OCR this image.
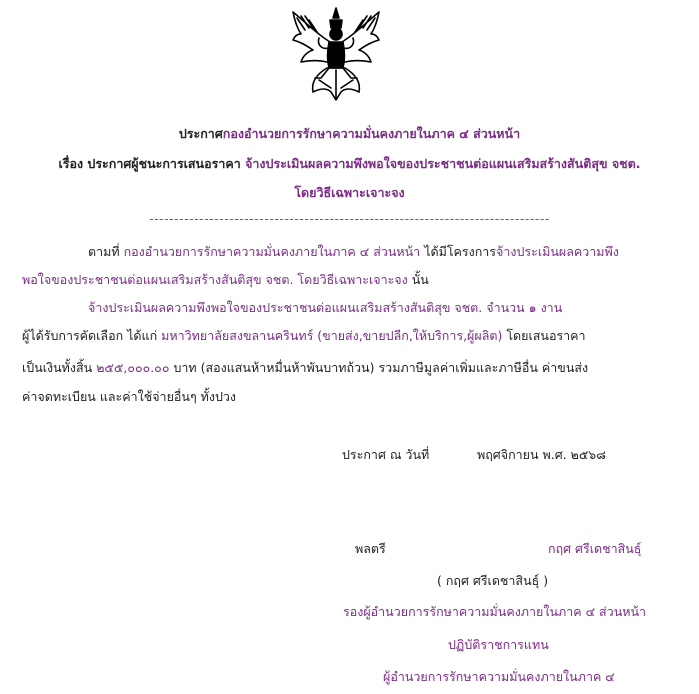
ประกาศกองอำนวยการรักษาความมั่นคงภายในภาค ๔ ส่วนหน้า
เรื่อง ประกาศผู้ชนะการเสนอราคา จ้างประเมินผลความพึงพอใจของประชาชนต่อแผนเสริมสร้างสันติสุข จชต.
โดยวิธีเฉพาะเจาะจง
--------------------------------------------------------------------------------
ตามที่ กองอำนวยการรักษาความมั่นคงภายในภาค ๔ ส่วนหน้า ได้มีโครงการจ้างประเมินผลความพึง
พอใจของประชาชนต่อแผนเสริมสร้างสันติสุข จชต. โดยวิธีเฉพาะเจาะจง นั้น
จ้างประเมินผลความพึงพอใจของประชาชนต่อแผนเสริมสร้างสันติสุข จชต. จำนวน ๑ งาน
ผู้ได้รับการคัดเลือก ได้แก่ มหาวิทยาลัยสงขลานครินทร์ (ขายส่ง,ขายปลีก,ให้บริการ,ผู้ผลิต) โดยเสนอราคา
เป็นเงินทั้งสิ้น ๒๕๕,๐๐๐.๐๐ บาท (สองแสนห้าหมื่นห้าพันบาทถ้วน) รวมภาษีมูลค่าเพิ่มและภาษีอื่น ค่าขนส่ง
ค่าจดทะเบียน และค่าใช้จ่ายอื่นๆ ทั้งปวง
ประกาศ ณ วันที่	พฤศจิกายน พ.ศ. ๒๕๖๘
พลตรี	กฤศ ศรีเดชาสินธุ์
( กฤศ ศรีเดชาสินธุ์ )
รองผู้อำนวยการรักษาความมั่นคงภายในภาค ๔ ส่วนหน้า
ปฏิบัติราชการแทน
ผู้อำนวยการรักษาความมั่นคงภายในภาค ๔
